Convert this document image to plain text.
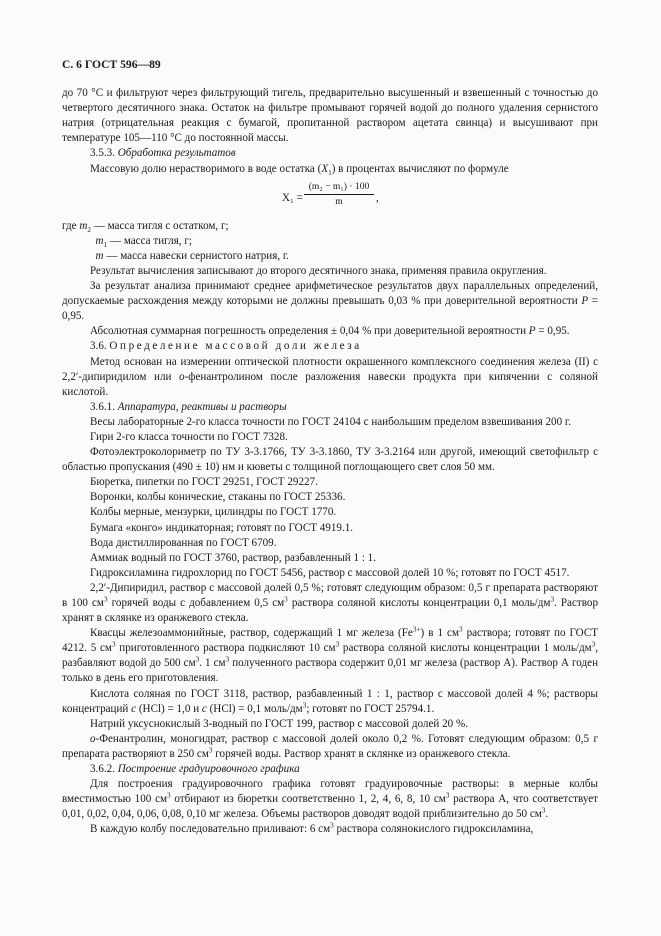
С. 6 ГОСТ 596—89

до 70 °С и фильтруют через фильтрующий тигель, предварительно высушенный и взвешенный с точностью до четвертого десятичного знака. Остаток на фильтре промывают горячей водой до полного удаления сернистого натрия (отрицательная реакция с бумагой, пропитанной раствором ацетата свинца) и высушивают при температуре 105—110 °С до постоянной массы.

3.5.3. Обработка результатов

Массовую долю нерастворимого в воде остатка $(X_1)$ в процентах вычисляют по формуле

$X_1 = \frac{\text{(m₂ − m₁) · 100}}{m}$ ,

где $m_2$ — масса тигля с остатком, г;

$m_1$ — масса тигля, г;

m — масса навески сернистого натрия, г.

Результат вычисления записывают до второго десятичного знака, применяя правила округления.

За результат анализа принимают среднее арифметическое результатов двух параллельных определений, допускаемые расхождения между которыми не должны превышать 0,03 % при доверительной вероятности Р = 0,95.

Абсолютная суммарная погрешность определения ± 0,04 % при доверительной вероятности Р = 0,95.

3.6. Определение массовой доли железа

Метод основан на измерении оптической плотности окрашенного комплексного соединения железа (II) с 2,2′-дипиридилом или о-фенантролином после разложения навески продукта при кипячении с соляной кислотой.

3.6.1. Аппаратура, реактивы и растворы

Весы лабораторные 2-го класса точности по ГОСТ 24104 с наибольшим пределом взвешивания 200 г.

Гири 2-го класса точности по ГОСТ 7328.

Фотоэлектроколориметр по ТУ 3-3.1766, ТУ 3-3.1860, ТУ 3-3.2164 или другой, имеющий светофильтр с областью пропускания (490 ± 10) нм и кюветы с толщиной поглощающего свет слоя 50 мм.

Бюретка, пипетки по ГОСТ 29251, ГОСТ 29227.

Воронки, колбы конические, стаканы по ГОСТ 25336.

Колбы мерные, мензурки, цилиндры по ГОСТ 1770.

Бумага «конго» индикаторная; готовят по ГОСТ 4919.1.

Вода дистиллированная по ГОСТ 6709.

Аммиак водный по ГОСТ 3760, раствор, разбавленный 1 : 1.

Гидроксиламина гидрохлорид по ГОСТ 5456, раствор с массовой долей 10 %; готовят по ГОСТ 4517.

2,2′-Дипиридил, раствор с массовой долей 0,5 %; готовят следующим образом: 0,5 г препарата растворяют в 100 $см^3$ горячей воды с добавлением 0,5 $см^3$ раствора соляной кислоты концентрации 0,1 моль/$дм^3$. Раствор хранят в склянке из оранжевого стекла.

Квасцы железоаммонийные, раствор, содержащий 1 мг железа $(Fe^{3+})$ в 1 $см^3$ раствора; готовят по ГОСТ 4212. 5 $см^3$ приготовленного раствора подкисляют 10 $см^3$ раствора соляной кислоты концентрации 1 моль/$дм^3$, разбавляют водой до 500 $см^3$. 1 $см^3$ полученного раствора содержит 0,01 мг железа (раствор А). Раствор А годен только в день его приготовления.

Кислота соляная по ГОСТ 3118, раствор, разбавленный 1 : 1, раствор с массовой долей 4 %; растворы концентраций с (HCl) = 1,0 и с (HCl) = 0,1 моль/$дм^3$; готовят по ГОСТ 25794.1.

Натрий уксуснокислый 3-водный по ГОСТ 199, раствор с массовой долей 20 %.

о-Фенантролин, моногидрат, раствор с массовой долей около 0,2 %. Готовят следующим образом: 0,5 г препарата растворяют в 250 $см^3$ горячей воды. Раствор хранят в склянке из оранжевого стекла.

3.6.2. Построение градуировочного графика

Для построения градуировочного графика готовят градуировочные растворы: в мерные колбы вместимостью 100 $см^3$ отбирают из бюретки соответственно 1, 2, 4, 6, 8, 10 $см^3$ раствора А, что соответствует 0,01, 0,02, 0,04, 0,06, 0,08, 0,10 мг железа. Объемы растворов доводят водой приблизительно до 50 $см^3$.

В каждую колбу последовательно приливают: 6 $см^3$ раствора солянокислого гидроксиламина,
